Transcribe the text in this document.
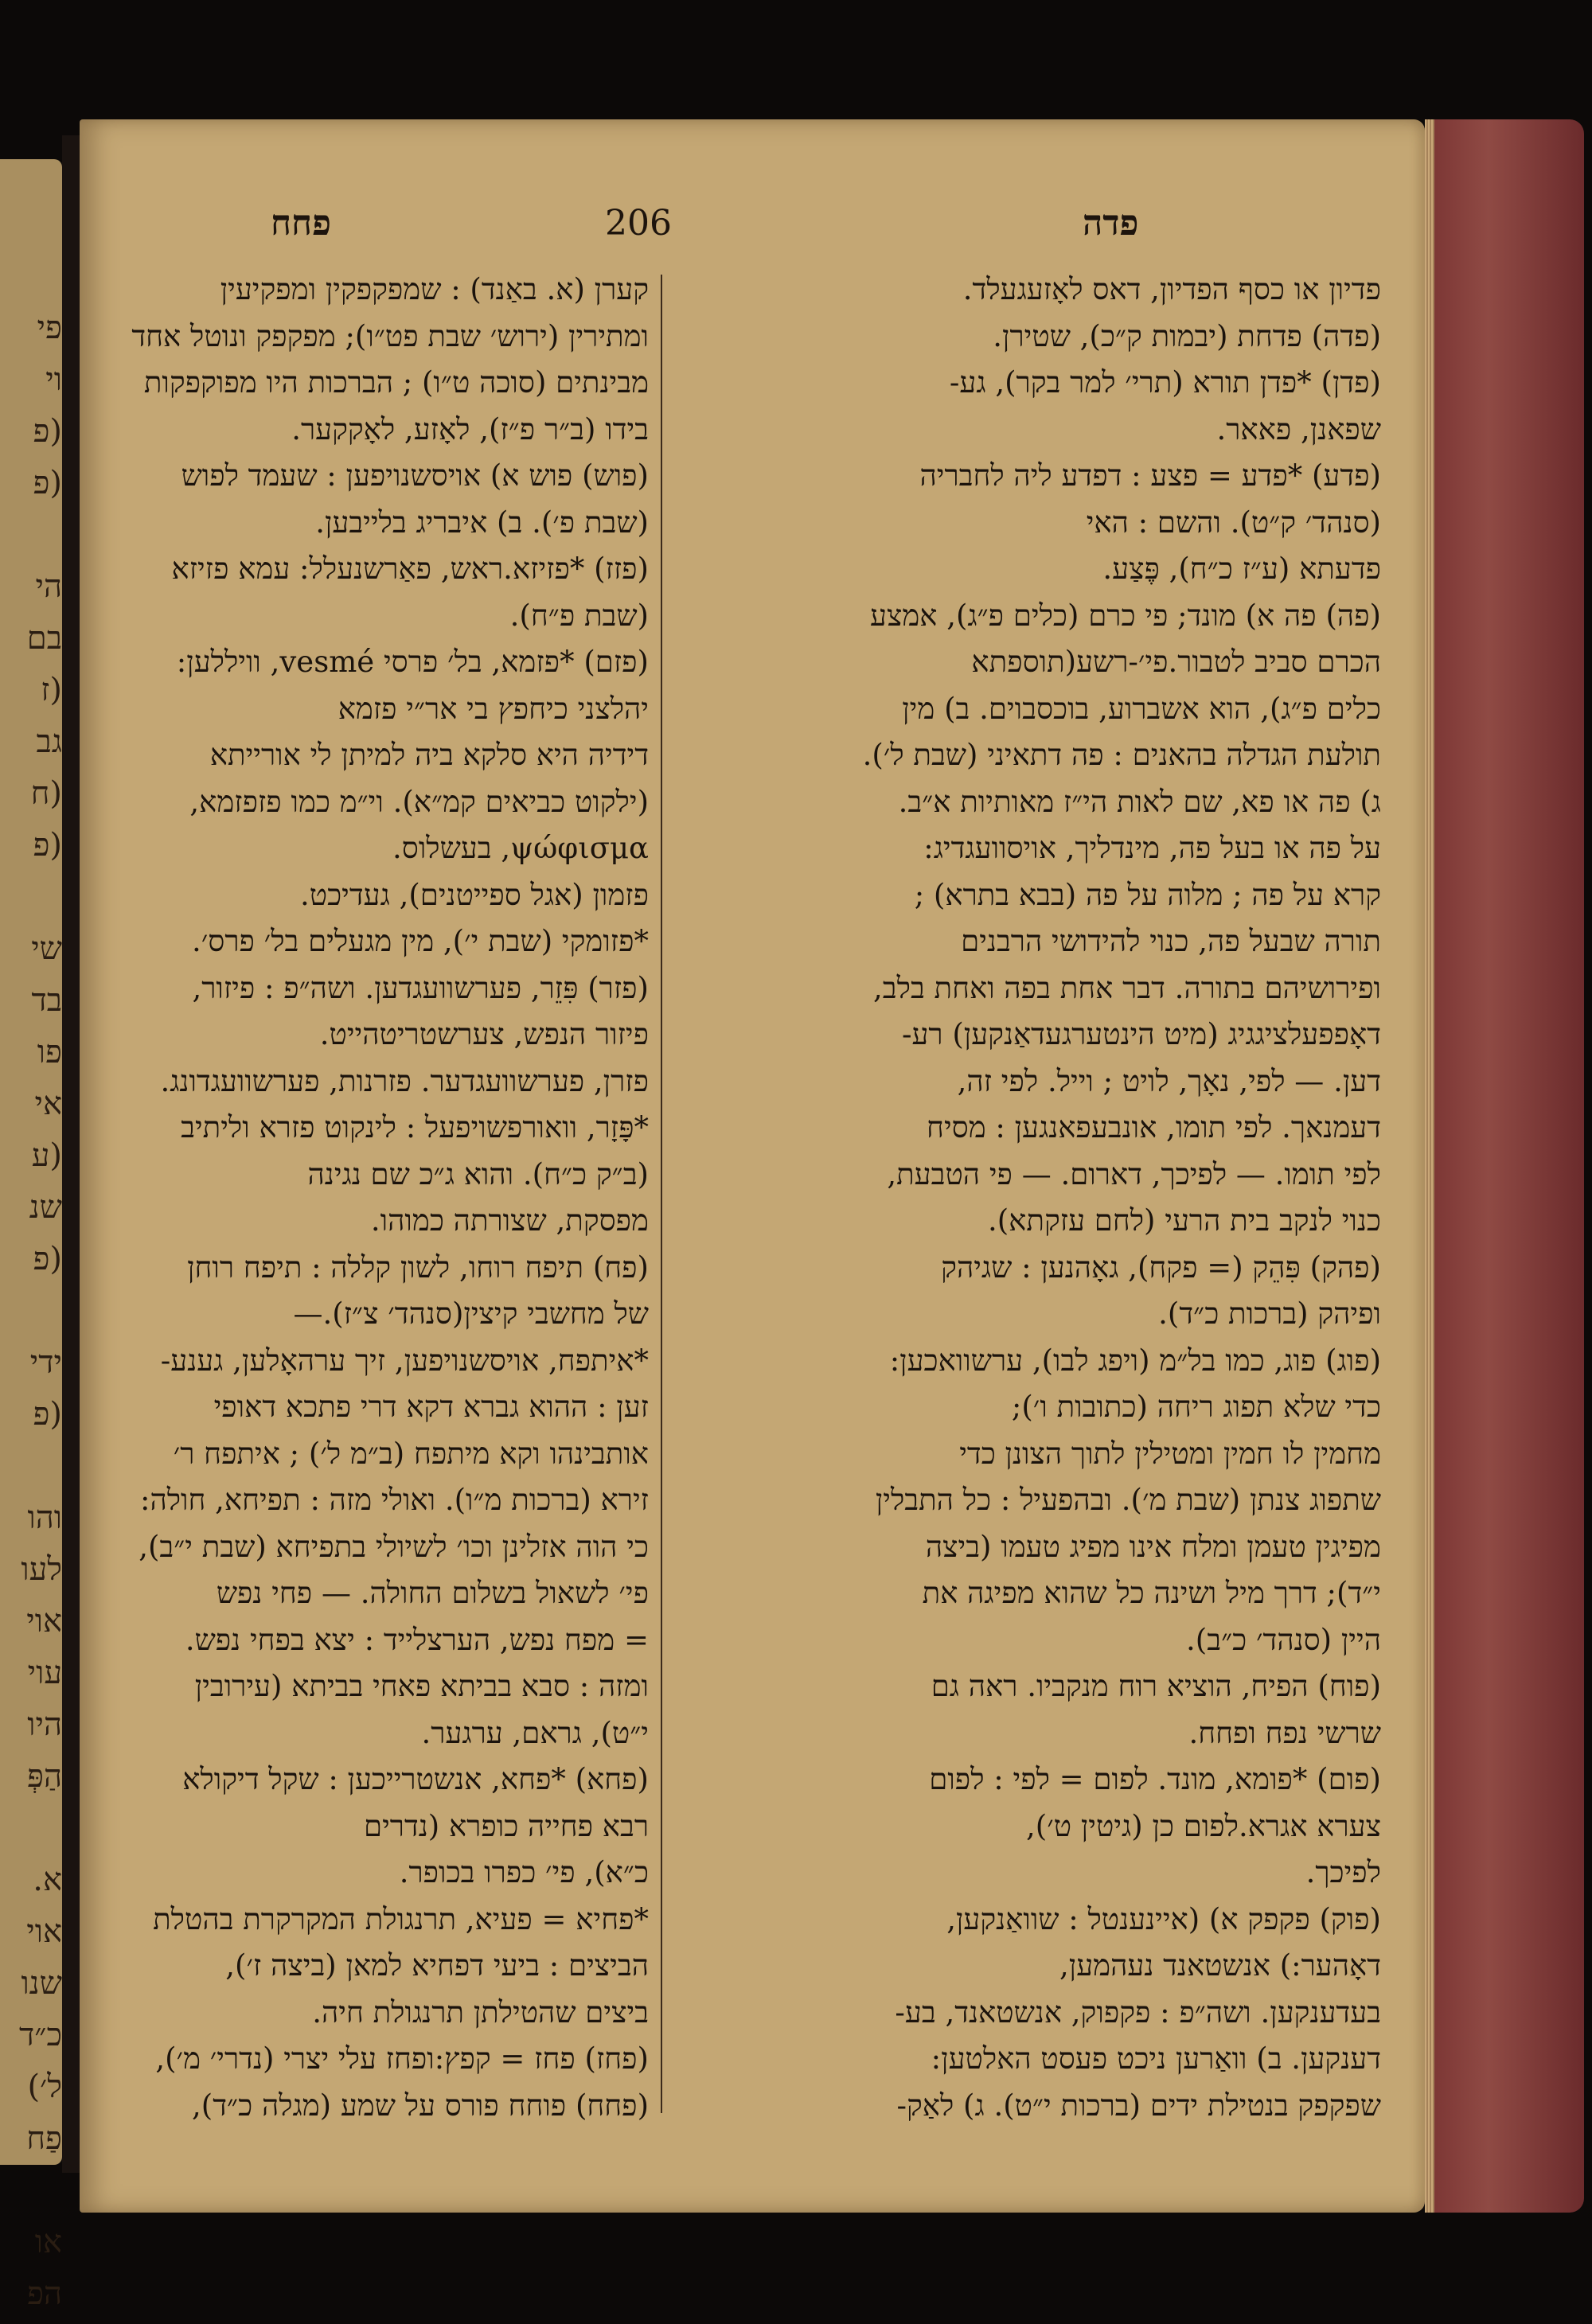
פי
וי
(פ
(פ

הי
בם
(ז
גב
(ח
(פ

שי
בד
פו
אי
(ע
שנ
(פ

ידי
(פ

והו
לעו
אוי
עוי
היו
הַפְּ

א.
אוי
שנו
כ״ד
ל׳)
פַח

או
הפ
פחח	206	פדה
פדיון או כסף הפדיון, דאס לאָזעגעלד.
(פדה) פדחת (יבמות ק״כ), שטירן.
(פדן) *פדן תורא (תרי׳ למר בקר), גע-
שפאנן, פאאר.
(פדע) *פדע = פצע : דפדע ליה לחבריה
(סנהד׳ ק״ט). והשם : האי
פדעתא (ע״ז כ״ח), פֶּצַע.
(פה) פה א) מונד; פי כרם (כלים פ״ג), אמצע
הכרם סביב לטבור.פי׳-רשע(תוספתא
כלים פ״ג), הוא אשברוע, בוכסבוים. ב) מין
תולעת הגדלה בהאנים : פה דתאיני (שבת ל׳).
ג) פה או פא, שם לאות הי״ז מאותיות א״ב.
על פה או בעל פה, מינדליך, אויסוועגדיג:
קרא על פה ; מלוה על פה (בבא בתרא) ;
תורה שבעל פה, כנוי להידושי הרבנים
ופירושיהם בתורה. דבר אחת בפה ואחת בלב,
דאָפפעלציגגיג (מיט הינטערגעדאַנקען) רע-
דען. — לפי, נאָך, לויט ; וייל. לפי זה,
דעמנאך. לפי תומו, אונבעפאנגען : מסיח
לפי תומו. — לפיכך, דארום. — פי הטבעת,
כנוי לנקב בית הרעי (לחם עזקתא).
(פהק) פִּהֵק (= פקח), גאָהנען : שגיהק
ופיהק (ברכות כ״ד).
(פוג) פוג, כמו בל״מ (ויפג לבו), ערשוואכען:
כדי שלא תפוג ריחה (כתובות ו׳);
מחמין לו חמין ומטילין לתוך הצונן כדי
שתפוג צנתן (שבת מ׳). ובהפעיל : כל התבלין
מפיגין טעמן ומלח אינו מפיג טעמו (ביצה
י״ד); דרך מיל ושינה כל שהוא מפיגה את
היין (סנהד׳ כ״ב).
(פוח) הפיח, הוציא רוח מנקביו. ראה גם
שרשי נפח ופחח.
(פום) *פומא, מונד. לפום = לפי : לפום
צערא אגרא.לפום כן (גיטין ט׳),
לפיכך.
(פוק) פקפק א) (איינענטל : שוואַנקען,
דאָהער:) אנשטאנד נעהמען,
בעדענקען. ושה״פ : פקפוק, אנשטאנד, בע-
דענקען. ב) וואַרען ניכט פעסט האלטען:
שפקפק בנטילת ידים (ברכות י״ט). ג) לאַק-
קערן (א. באַנד) : שמפקפקין ומפקיעין
ומתירין (ירוש׳ שבת פט״ו); מפקפק ונוטל אחד
מבינתים (סוכה ט״ו) ; הברכות היו מפוקפקות
בידו (ב״ר פ״ז), לאָזע, לאָקקער.
(פוש) פוש א) אויסשנויפען : שעמד לפוש
(שבת פ׳). ב) איבריג בלייבען.
(פזז) *פזיזא.ראש, פאַרשנעלל: עמא פזיזא
(שבת פ״ח).
(פזם) *פזמא, בל׳ פרסי vesmé, וויללען:
יהלצני כיחפץ בי אר״י פזמא
דידיה היא סלקא ביה למיתן לי אורייתא
(ילקוט כביאים קמ״א). וי״מ כמו פזפזמא,
ψώφισμα, בעשלוס.
פזמון (אגל ספייטנים), געדיכט.
*פזומקי (שבת י׳), מין מגעלים בל׳ פרס׳.
(פזר) פִּזֵר, פערשוועגדען. ושה״פ : פיזור,
פיזור הנפש, צערשטריטהייט.
פזרן, פערשוועגדער. פזרנות, פערשוועגדונג.
*פָּזָר, וואורפשויפעל : לינקוט פזרא וליתיב
(ב״ק כ״ח). והוא ג״כ שם נגינה
מפסקת, שצורתה כמוהו.
(פח) תיפח רוחו, לשון קללה : תיפח רוחן
של מחשבי קיצין(סנהד׳ צ״ז).—
*איתפח, אויסשנויפען, זיך ערהאָלען, גענע-
זען : ההוא גברא דקא דרי פתכא דאופי
אותבינהו וקא מיתפח (ב״מ ל׳) ; איתפח ר׳
זירא (ברכות מ״ו). ואולי מזה : תפיחא, חולה:
כי הוה אזלינן וכו׳ לשיולי בתפיחא (שבת י״ב),
פי׳ לשאול בשלום החולה. — פחי נפש
= מפח נפש, הערצלייד : יצא בפחי נפש.
ומזה : סבא בביתא פאחי בביתא (עירובין
י״ט), גראם, ערגער.
(פחא) *פחא, אנשטרייכען : שקל דיקולא
רבא פחייה כופרא (נדרים
כ״א), פי׳ כפרו בכופר.
*פחיא = פעיא, תרנגולת המקרקרת בהטלת
הביצים : ביעי דפחיא למאן (ביצה ז׳),
ביצים שהטילתן תרנגולת חיה.
(פחז) פחז = קפץ:ופחז עלי יצרי (נדרי׳ מ׳),
(פחח) פוחח פורס על שמע (מגלה כ״ד),
